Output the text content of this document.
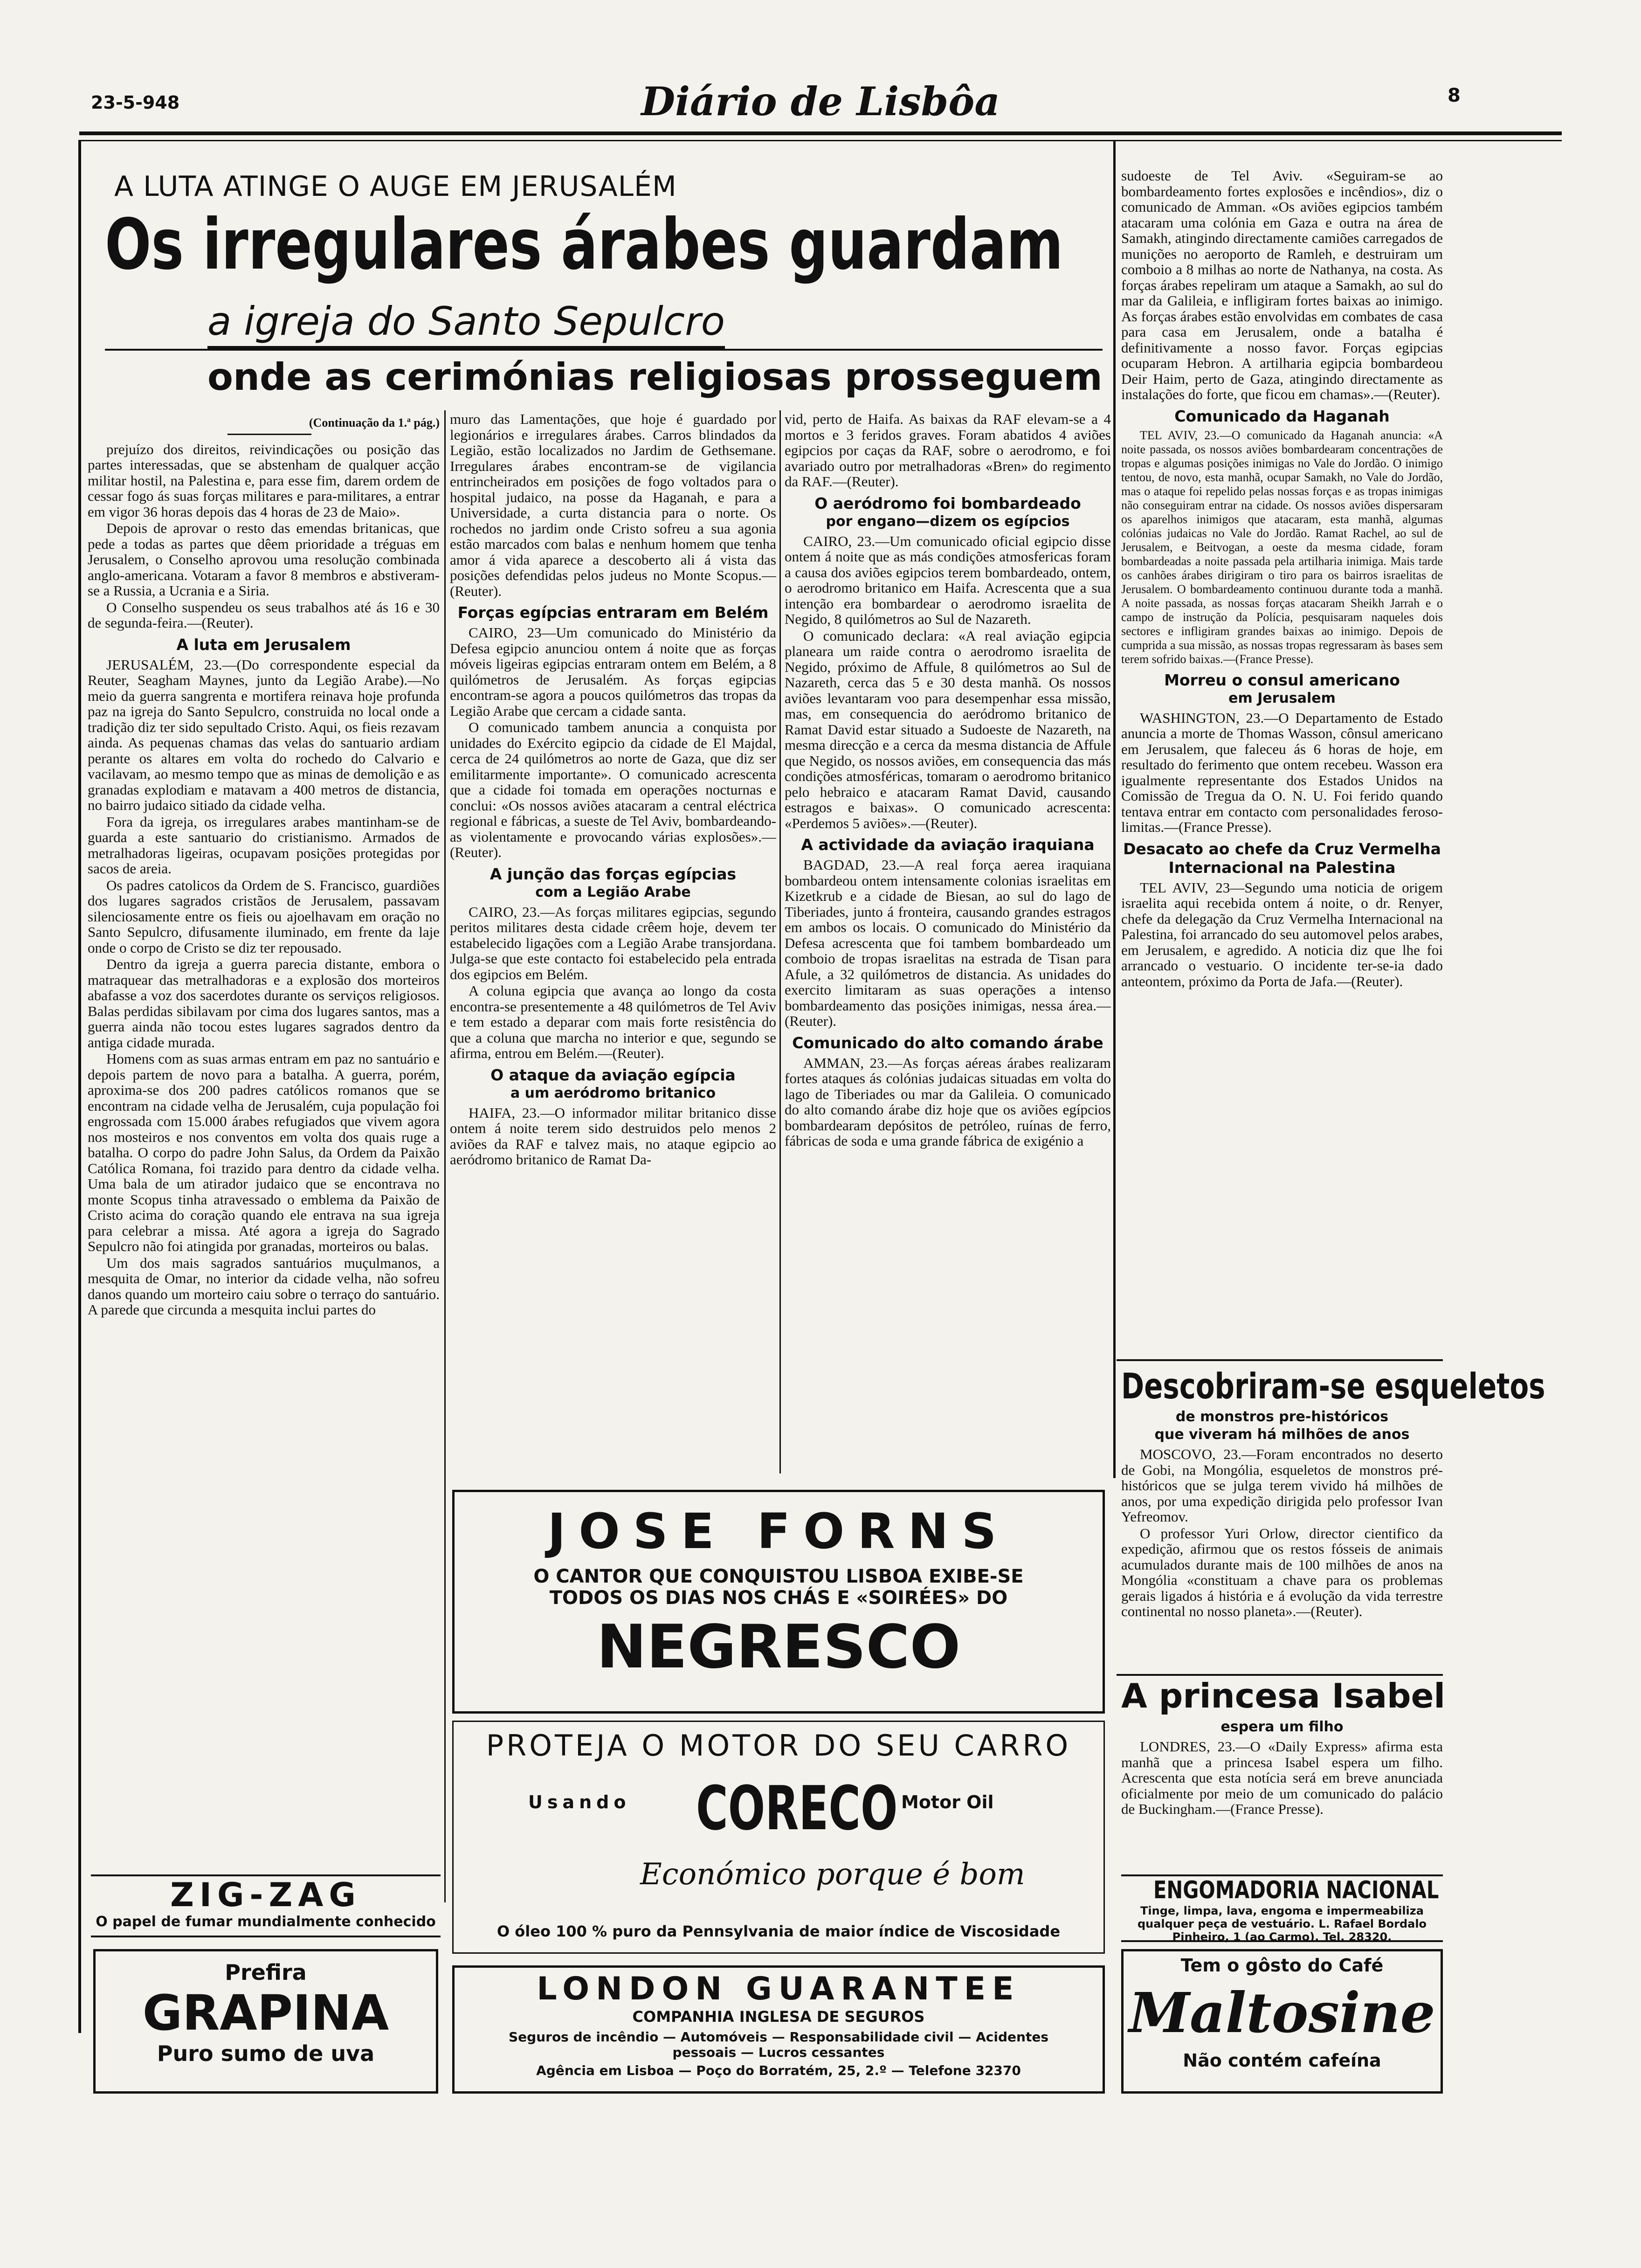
23-5-948	Diário de Lisbôa	8
A LUTA ATINGE O AUGE EM JERUSALÉM
Os irregulares árabes guardam
a igreja do Santo Sepulcro
onde as cerimónias religiosas prosseguem
(Continuação da 1.ª pág.)

prejuízo dos direitos, reivindicações ou posição das partes interessadas, que se abstenham de qualquer acção militar hostil, na Palestina e, para esse fim, darem ordem de cessar fogo ás suas forças militares e para-militares, a entrar em vigor 36 horas depois das 4 horas de 23 de Maio».

Depois de aprovar o resto das emendas britanicas, que pede a todas as partes que dêem prioridade a tréguas em Jerusalem, o Conselho aprovou uma resolução combinada anglo-americana. Votaram a favor 8 membros e abstiveram-se a Russia, a Ucrania e a Siria.

O Conselho suspendeu os seus trabalhos até ás 16 e 30 de segunda-feira.—(Reuter).

A luta em Jerusalem

JERUSALÉM, 23.—(Do correspondente especial da Reuter, Seagham Maynes, junto da Legião Arabe).—No meio da guerra sangrenta e mortifera reinava hoje profunda paz na igreja do Santo Sepulcro, construida no local onde a tradição diz ter sido sepultado Cristo. Aqui, os fieis rezavam ainda. As pequenas chamas das velas do santuario ardiam perante os altares em volta do rochedo do Calvario e vacilavam, ao mesmo tempo que as minas de demolição e as granadas explodiam e matavam a 400 metros de distancia, no bairro judaico sitiado da cidade velha.

Fora da igreja, os irregulares arabes mantinham-se de guarda a este santuario do cristianismo. Armados de metralhadoras ligeiras, ocupavam posições protegidas por sacos de areia.

Os padres catolicos da Ordem de S. Francisco, guardiões dos lugares sagrados cristãos de Jerusalem, passavam silenciosamente entre os fieis ou ajoelhavam em oração no Santo Sepulcro, difusamente iluminado, em frente da laje onde o corpo de Cristo se diz ter repousado.

Dentro da igreja a guerra parecia distante, embora o matraquear das metralhadoras e a explosão dos morteiros abafasse a voz dos sacerdotes durante os serviços religiosos. Balas perdidas sibilavam por cima dos lugares santos, mas a guerra ainda não tocou estes lugares sagrados dentro da antiga cidade murada.

Homens com as suas armas entram em paz no santuário e depois partem de novo para a batalha. A guerra, porém, aproxima-se dos 200 padres católicos romanos que se encontram na cidade velha de Jerusalém, cuja população foi engrossada com 15.000 árabes refugiados que vivem agora nos mosteiros e nos conventos em volta dos quais ruge a batalha. O corpo do padre John Salus, da Ordem da Paixão Católica Romana, foi trazido para dentro da cidade velha. Uma bala de um atirador judaico que se encontrava no monte Scopus tinha atravessado o emblema da Paixão de Cristo acima do coração quando ele entrava na sua igreja para celebrar a missa. Até agora a igreja do Sagrado Sepulcro não foi atingida por granadas, morteiros ou balas.

Um dos mais sagrados santuários muçulmanos, a mesquita de Omar, no interior da cidade velha, não sofreu danos quando um morteiro caiu sobre o terraço do santuário. A parede que circunda a mesquita inclui partes do

muro das Lamentações, que hoje é guardado por legionários e irregulares árabes. Carros blindados da Legião, estão localizados no Jardim de Gethsemane. Irregulares árabes encontram-se de vigilancia entrincheirados em posições de fogo voltados para o hospital judaico, na posse da Haganah, e para a Universidade, a curta distancia para o norte. Os rochedos no jardim onde Cristo sofreu a sua agonia estão marcados com balas e nenhum homem que tenha amor á vida aparece a descoberto ali á vista das posições defendidas pelos judeus no Monte Scopus.—(Reuter).

Forças egípcias entraram em Belém

CAIRO, 23—Um comunicado do Ministério da Defesa egipcio anunciou ontem á noite que as forças móveis ligeiras egipcias entraram ontem em Belém, a 8 quilómetros de Jerusalém. As forças egipcias encontram-se agora a poucos quilómetros das tropas da Legião Arabe que cercam a cidade santa.

O comunicado tambem anuncia a conquista por unidades do Exército egipcio da cidade de El Majdal, cerca de 24 quilómetros ao norte de Gaza, que diz ser emilitarmente importante». O comunicado acrescenta que a cidade foi tomada em operações nocturnas e conclui: «Os nossos aviões atacaram a central eléctrica regional e fábricas, a sueste de Tel Aviv, bombardeando-as violentamente e provocando várias explosões».—(Reuter).

A junção das forças egípcias
com a Legião Arabe

CAIRO, 23.—As forças militares egipcias, segundo peritos militares desta cidade crêem hoje, devem ter estabelecido ligações com a Legião Arabe transjordana. Julga-se que este contacto foi estabelecido pela entrada dos egipcios em Belém.

A coluna egipcia que avança ao longo da costa encontra-se presentemente a 48 quilómetros de Tel Aviv e tem estado a deparar com mais forte resistência do que a coluna que marcha no interior e que, segundo se afirma, entrou em Belém.—(Reuter).

O ataque da aviação egípcia
a um aeródromo britanico

HAIFA, 23.—O informador militar britanico disse ontem á noite terem sido destruidos pelo menos 2 aviões da RAF e talvez mais, no ataque egipcio ao aeródromo britanico de Ramat Da-

vid, perto de Haifa. As baixas da RAF elevam-se a 4 mortos e 3 feridos graves. Foram abatidos 4 aviões egipcios por caças da RAF, sobre o aerodromo, e foi avariado outro por metralhadoras «Bren» do regimento da RAF.—(Reuter).

O aeródromo foi bombardeado
por engano—dizem os egípcios

CAIRO, 23.—Um comunicado oficial egipcio disse ontem á noite que as más condições atmosfericas foram a causa dos aviões egipcios terem bombardeado, ontem, o aerodromo britanico em Haifa. Acrescenta que a sua intenção era bombardear o aerodromo israelita de Negido, 8 quilómetros ao Sul de Nazareth.

O comunicado declara: «A real aviação egipcia planeara um raide contra o aerodromo israelita de Negido, próximo de Affule, 8 quilómetros ao Sul de Nazareth, cerca das 5 e 30 desta manhã. Os nossos aviões levantaram voo para desempenhar essa missão, mas, em consequencia do aeródromo britanico de Ramat David estar situado a Sudoeste de Nazareth, na mesma direcção e a cerca da mesma distancia de Affule que Negido, os nossos aviões, em consequencia das más condições atmosféricas, tomaram o aerodromo britanico pelo hebraico e atacaram Ramat David, causando estragos e baixas». O comunicado acrescenta: «Perdemos 5 aviões».—(Reuter).

A actividade da aviação iraquiana

BAGDAD, 23.—A real força aerea iraquiana bombardeou ontem intensamente colonias israelitas em Kizetkrub e a cidade de Biesan, ao sul do lago de Tiberiades, junto á fronteira, causando grandes estragos em ambos os locais. O comunicado do Ministério da Defesa acrescenta que foi tambem bombardeado um comboio de tropas israelitas na estrada de Tisan para Afule, a 32 quilómetros de distancia. As unidades do exercito limitaram as suas operações a intenso bombardeamento das posições inimigas, nessa área.—(Reuter).

Comunicado do alto comando árabe

AMMAN, 23.—As forças aéreas árabes realizaram fortes ataques ás colónias judaicas situadas em volta do lago de Tiberiades ou mar da Galileia. O comunicado do alto comando árabe diz hoje que os aviões egípcios bombardearam depósitos de petróleo, ruínas de ferro, fábricas de soda e uma grande fábrica de exigénio a

sudoeste de Tel Aviv. «Seguiram-se ao bombardeamento fortes explosões e incêndios», diz o comunicado de Amman. «Os aviões egipcios também atacaram uma colónia em Gaza e outra na área de Samakh, atingindo directamente camiões carregados de munições no aeroporto de Ramleh, e destruiram um comboio a 8 milhas ao norte de Nathanya, na costa. As forças árabes repeliram um ataque a Samakh, ao sul do mar da Galileia, e infligiram fortes baixas ao inimigo. As forças árabes estão envolvidas em combates de casa para casa em Jerusalem, onde a batalha é definitivamente a nosso favor. Forças egipcias ocuparam Hebron. A artilharia egipcia bombardeou Deir Haim, perto de Gaza, atingindo directamente as instalações do forte, que ficou em chamas».—(Reuter).

Comunicado da Haganah

TEL AVIV, 23.—O comunicado da Haganah anuncia: «A noite passada, os nossos aviões bombardearam concentrações de tropas e algumas posições inimigas no Vale do Jordão. O inimigo tentou, de novo, esta manhã, ocupar Samakh, no Vale do Jordão, mas o ataque foi repelido pelas nossas forças e as tropas inimigas não conseguiram entrar na cidade. Os nossos aviões dispersaram os aparelhos inimigos que atacaram, esta manhã, algumas colónias judaicas no Vale do Jordão. Ramat Rachel, ao sul de Jerusalem, e Beitvogan, a oeste da mesma cidade, foram bombardeadas a noite passada pela artilharia inimiga. Mais tarde os canhões árabes dirigiram o tiro para os bairros israelitas de Jerusalem. O bombardeamento continuou durante toda a manhã. A noite passada, as nossas forças atacaram Sheikh Jarrah e o campo de instrução da Polícia, pesquisaram naqueles dois sectores e infligiram grandes baixas ao inimigo. Depois de cumprida a sua missão, as nossas tropas regressaram às bases sem terem sofrido baixas.—(France Presse).

Morreu o consul americano
em Jerusalem

WASHINGTON, 23.—O Departamento de Estado anuncia a morte de Thomas Wasson, cônsul americano em Jerusalem, que faleceu ás 6 horas de hoje, em resultado do ferimento que ontem recebeu. Wasson era igualmente representante dos Estados Unidos na Comissão de Tregua da O. N. U. Foi ferido quando tentava entrar em contacto com personalidades feroso-limitas.—(France Presse).

Desacato ao chefe da Cruz Vermelha Internacional na Palestina

TEL AVIV, 23—Segundo uma noticia de origem israelita aqui recebida ontem á noite, o dr. Renyer, chefe da delegação da Cruz Vermelha Internacional na Palestina, foi arrancado do seu automovel pelos arabes, em Jerusalem, e agredido. A noticia diz que lhe foi arrancado o vestuario. O incidente ter-se-ia dado anteontem, próximo da Porta de Jafa.—(Reuter).

Descobriram-se esqueletos
de monstros pre-históricos
que viveram há milhões de anos

MOSCOVO, 23.—Foram encontrados no deserto de Gobi, na Mongólia, esqueletos de monstros pré-históricos que se julga terem vivido há milhões de anos, por uma expedição dirigida pelo professor Ivan Yefreomov.

O professor Yuri Orlow, director cientifico da expedição, afirmou que os restos fósseis de animais acumulados durante mais de 100 milhões de anos na Mongólia «constituam a chave para os problemas gerais ligados á história e á evolução da vida terrestre continental no nosso planeta».—(Reuter).

A princesa Isabel
espera um filho

LONDRES, 23.—O «Daily Express» afirma esta manhã que a princesa Isabel espera um filho. Acrescenta que esta notícia será em breve anunciada oficialmente por meio de um comunicado do palácio de Buckingham.—(France Presse).

ZIG-ZAG
O papel de fumar mundialmente conhecido
Prefira
GRAPINA
Puro sumo de uva
JOSE FORNS
O CANTOR QUE CONQUISTOU LISBOA EXIBE-SE
TODOS OS DIAS NOS CHÁS E «SOIRÉES» DO
NEGRESCO
PROTEJA O MOTOR DO SEU CARRO
Usando CORECO Motor Oil
Económico porque é bom
O óleo 100 % puro da Pennsylvania de maior índice de Viscosidade
LONDON GUARANTEE
COMPANHIA INGLESA DE SEGUROS
Seguros de incêndio — Automóveis — Responsabilidade civil — Acidentes
pessoais — Lucros cessantes
Agência em Lisboa — Poço do Borratém, 25, 2.º — Telefone 32370
ENGOMADORIA NACIONAL
Tinge, limpa, lava, engoma e impermeabiliza
qualquer peça de vestuário. L. Rafael Bordalo
Pinheiro, 1 (ao Carmo). Tel. 28320.
Tem o gôsto do Café
Maltosine
Não contém cafeína
